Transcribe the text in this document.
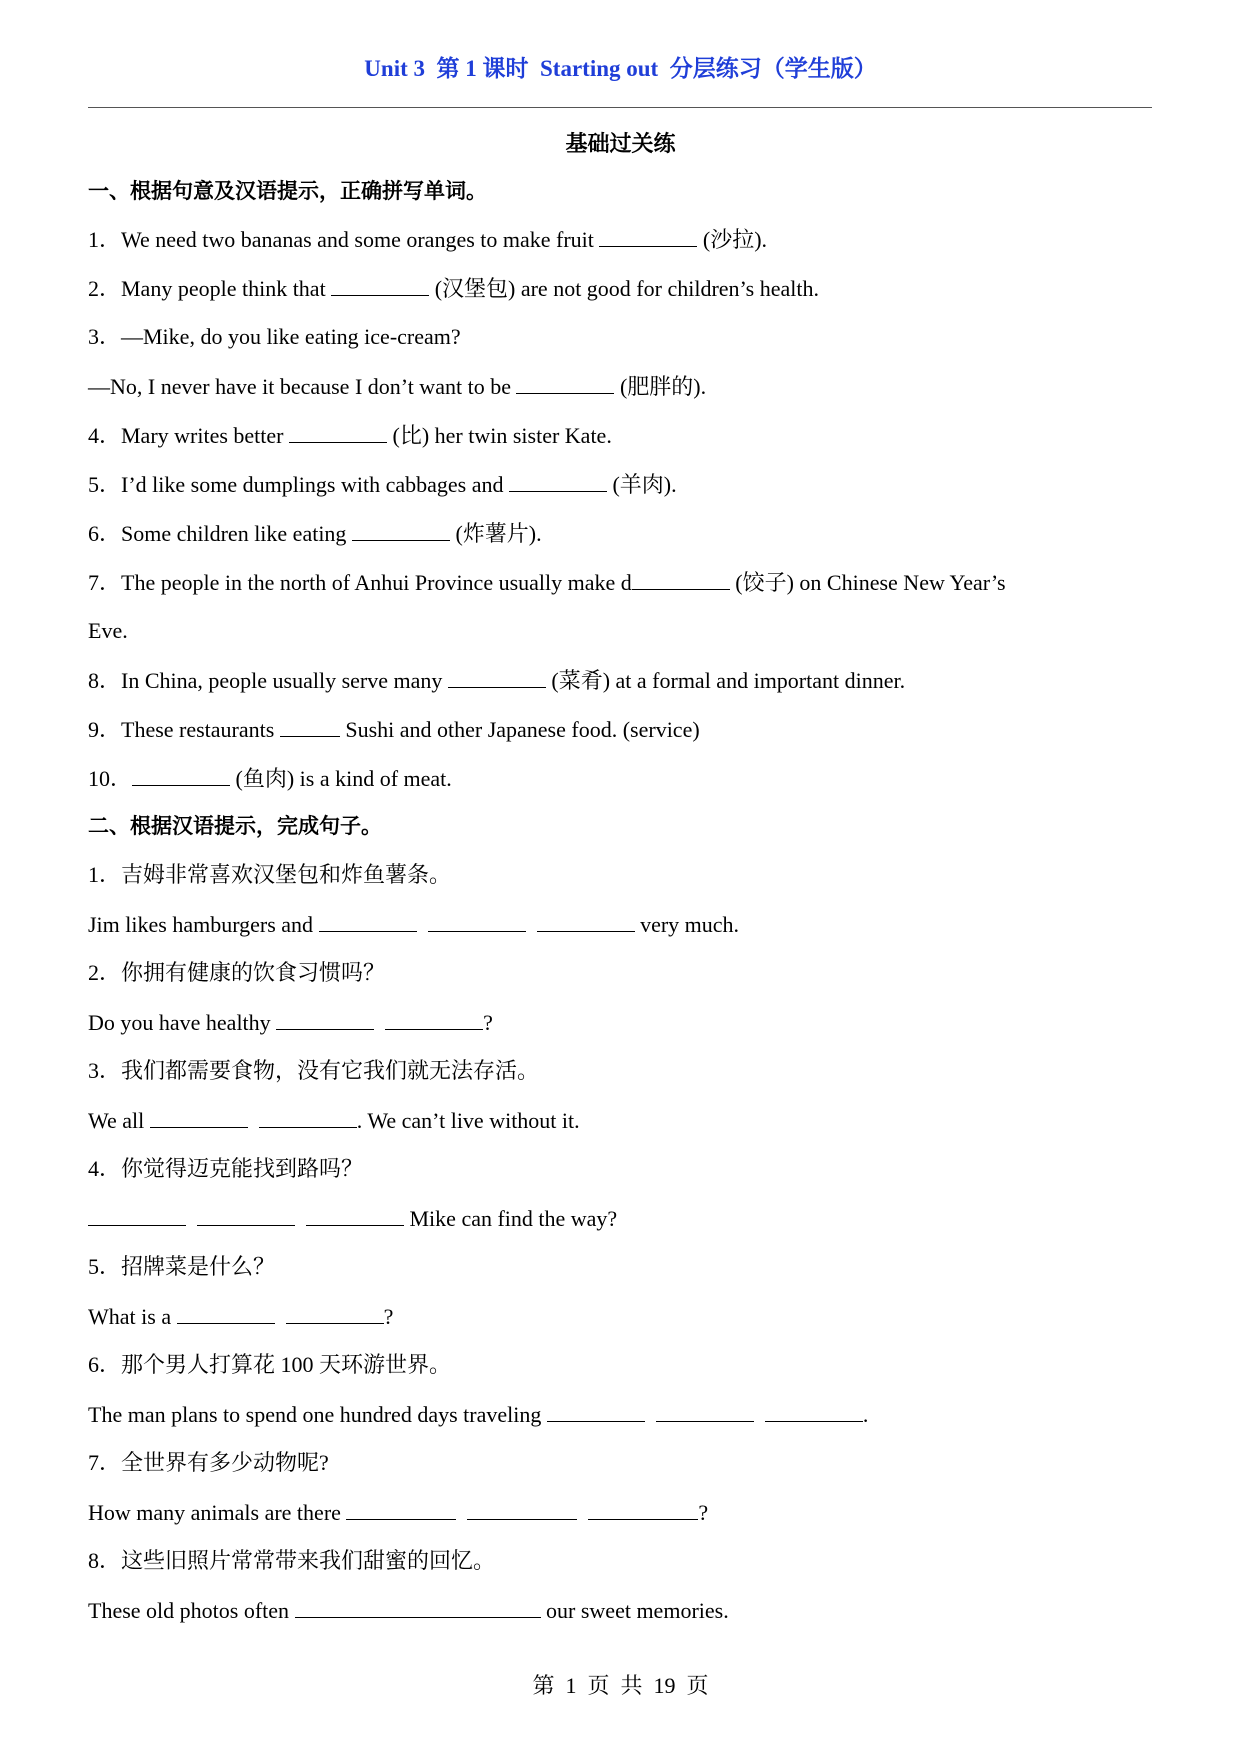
Unit 3  第 1 课时  Starting out  分层练习（学生版）
基础过关练
一、根据句意及汉语提示，正确拼写单词。
1．We need two bananas and some oranges to make fruit	(沙拉).
2．Many people think that	(汉堡包) are not good for children’s health.
3．—Mike, do you like eating ice-cream?
—No, I never have it because I don’t want to be	(肥胖的).
4．Mary writes better	(比) her twin sister Kate.
5．I’d like some dumplings with cabbages and	(羊肉).
6．Some children like eating	(炸薯片).
7．The people in the north of Anhui Province usually make d	(饺子) on Chinese New Year’s
Eve.
8．In China, people usually serve many	(菜肴) at a formal and important dinner.
9．These restaurants	Sushi and other Japanese food. (service)
10．	(鱼肉) is a kind of meat.
二、根据汉语提示，完成句子。
1．吉姆非常喜欢汉堡包和炸鱼薯条。
Jim likes hamburgers and	very much.
2．你拥有健康的饮食习惯吗？
Do you have healthy	?
3．我们都需要食物，没有它我们就无法存活。
We all	. We can’t live without it.
4．你觉得迈克能找到路吗？
Mike can find the way?
5．招牌菜是什么？
What is a	?
6．那个男人打算花 100 天环游世界。
The man plans to spend one hundred days traveling	.
7．全世界有多少动物呢?
How many animals are there	?
8．这些旧照片常常带来我们甜蜜的回忆。
These old photos often	our sweet memories.
第  1  页  共  19  页
